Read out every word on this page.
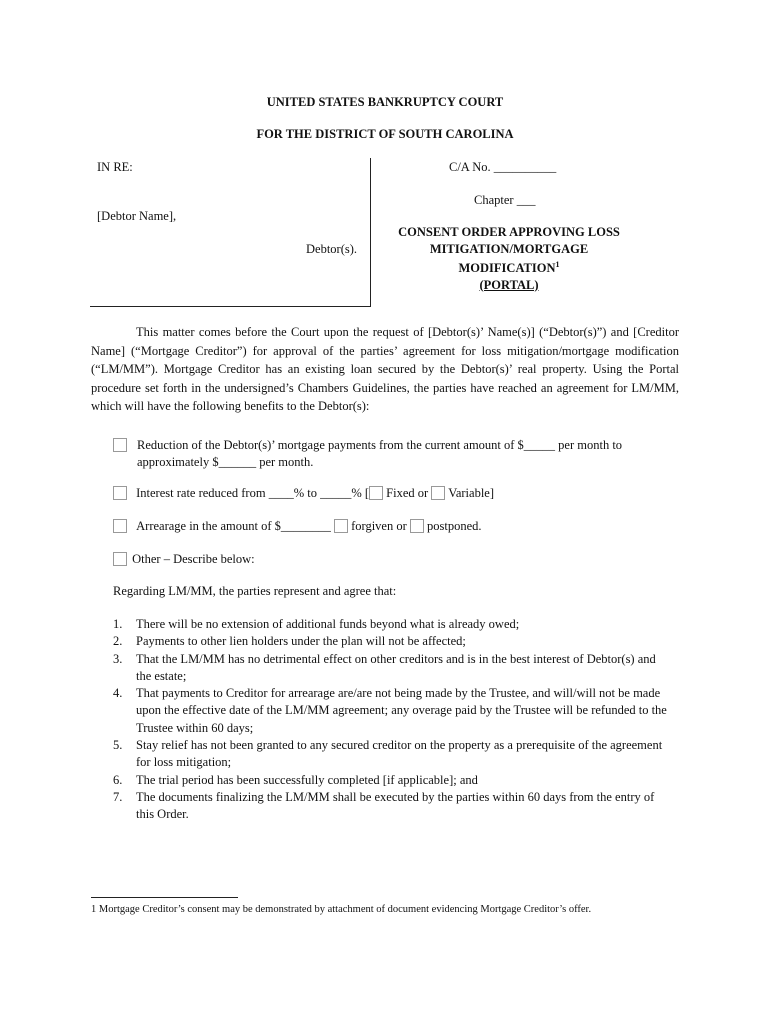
UNITED STATES BANKRUPTCY COURT
FOR THE DISTRICT OF SOUTH CAROLINA
IN RE:
[Debtor Name],
Debtor(s).
C/A No. __________
Chapter ___
CONSENT ORDER APPROVING LOSS
MITIGATION/MORTGAGE
MODIFICATION$^1$
(PORTAL)
This matter comes before the Court upon the request of [Debtor(s)’ Name(s)] (“Debtor(s)”) and [Creditor Name] (“Mortgage Creditor”) for approval of the parties’ agreement for loss mitigation/mortgage modification (“LM/MM”). Mortgage Creditor has an existing loan secured by the Debtor(s)’ real property. Using the Portal procedure set forth in the undersigned’s Chambers Guidelines, the parties have reached an agreement for LM/MM, which will have the following benefits to the Debtor(s):
Reduction of the Debtor(s)’ mortgage payments from the current amount of $_____ per month to approximately $______ per month.
Interest rate reduced from ____% to _____% [ Fixed or Variable]
Arrearage in the amount of $________ forgiven or postponed.
Other – Describe below:
Regarding LM/MM, the parties represent and agree that:
1. There will be no extension of additional funds beyond what is already owed;
2. Payments to other lien holders under the plan will not be affected;
3. That the LM/MM has no detrimental effect on other creditors and is in the best interest of Debtor(s) and the estate;
4. That payments to Creditor for arrearage are/are not being made by the Trustee, and will/will not be made upon the effective date of the LM/MM agreement; any overage paid by the Trustee will be refunded to the Trustee within 60 days;
5. Stay relief has not been granted to any secured creditor on the property as a prerequisite of the agreement for loss mitigation;
6. The trial period has been successfully completed [if applicable]; and
7. The documents finalizing the LM/MM shall be executed by the parties within 60 days from the entry of this Order.
1 Mortgage Creditor’s consent may be demonstrated by attachment of document evidencing Mortgage Creditor’s offer.
